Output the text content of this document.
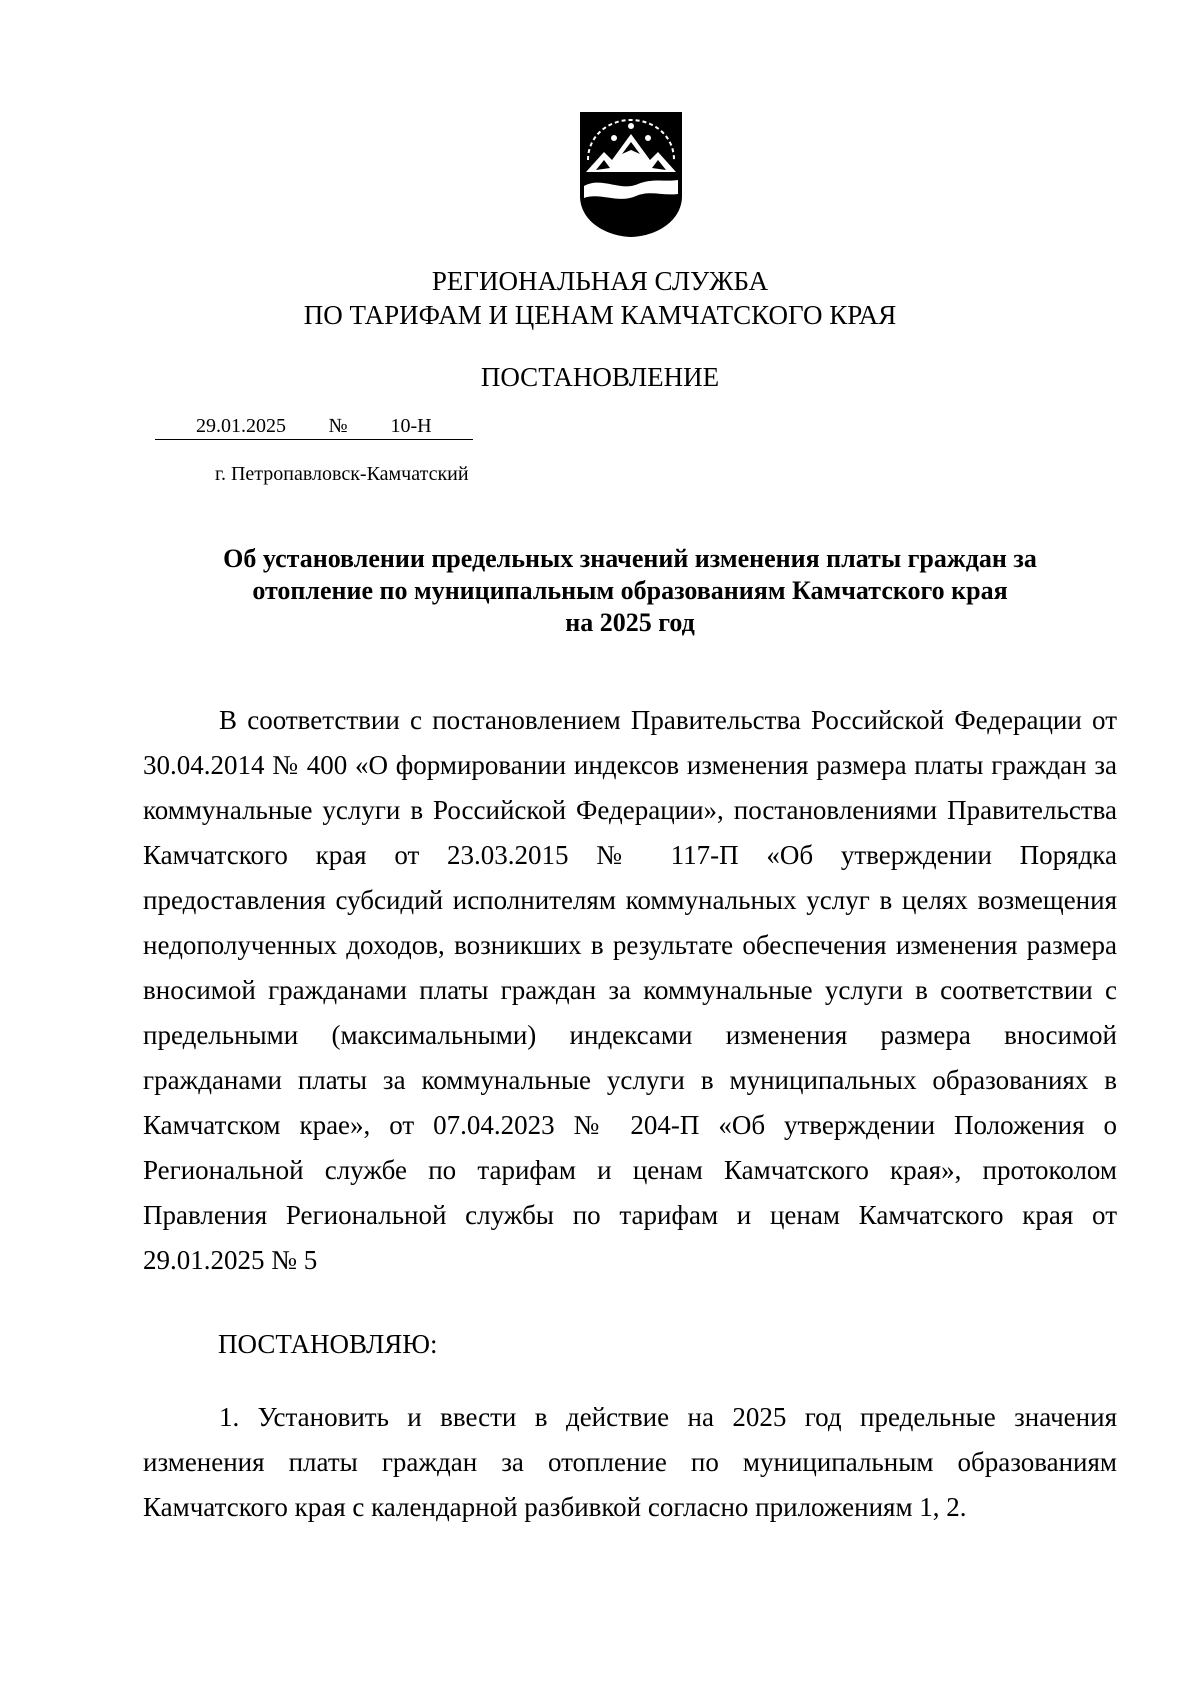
РЕГИОНАЛЬНАЯ СЛУЖБА
ПО ТАРИФАМ И ЦЕНАМ КАМЧАТСКОГО КРАЯ
ПОСТАНОВЛЕНИЕ
29.01.2025 № 10-Н
г. Петропавловск-Камчатский
Об установлении предельных значений изменения платы граждан за
отопление по муниципальным образованиям Камчатского края
на 2025 год
В соответствии с постановлением Правительства Российской Федерации от 30.04.2014 № 400 «О формировании индексов изменения размера платы граждан за коммунальные услуги в Российской Федерации», постановлениями Правительства Камчатского края от 23.03.2015 № 117-П «Об утверждении Порядка предоставления субсидий исполнителям коммунальных услуг в целях возмещения недополученных доходов, возникших в результате обеспечения изменения размера вносимой гражданами платы граждан за коммунальные услуги в соответствии с предельными (максимальными) индексами изменения размера вносимой гражданами платы за коммунальные услуги в муниципальных образованиях в Камчатском крае», от 07.04.2023 № 204-П «Об утверждении Положения о Региональной службе по тарифам и ценам Камчатского края», протоколом Правления Региональной службы по тарифам и ценам Камчатского края от 29.01.2025 № 5
ПОСТАНОВЛЯЮ:
1. Установить и ввести в действие на 2025 год предельные значения изменения платы граждан за отопление по муниципальным образованиям Камчатского края с календарной разбивкой согласно приложениям 1, 2.
